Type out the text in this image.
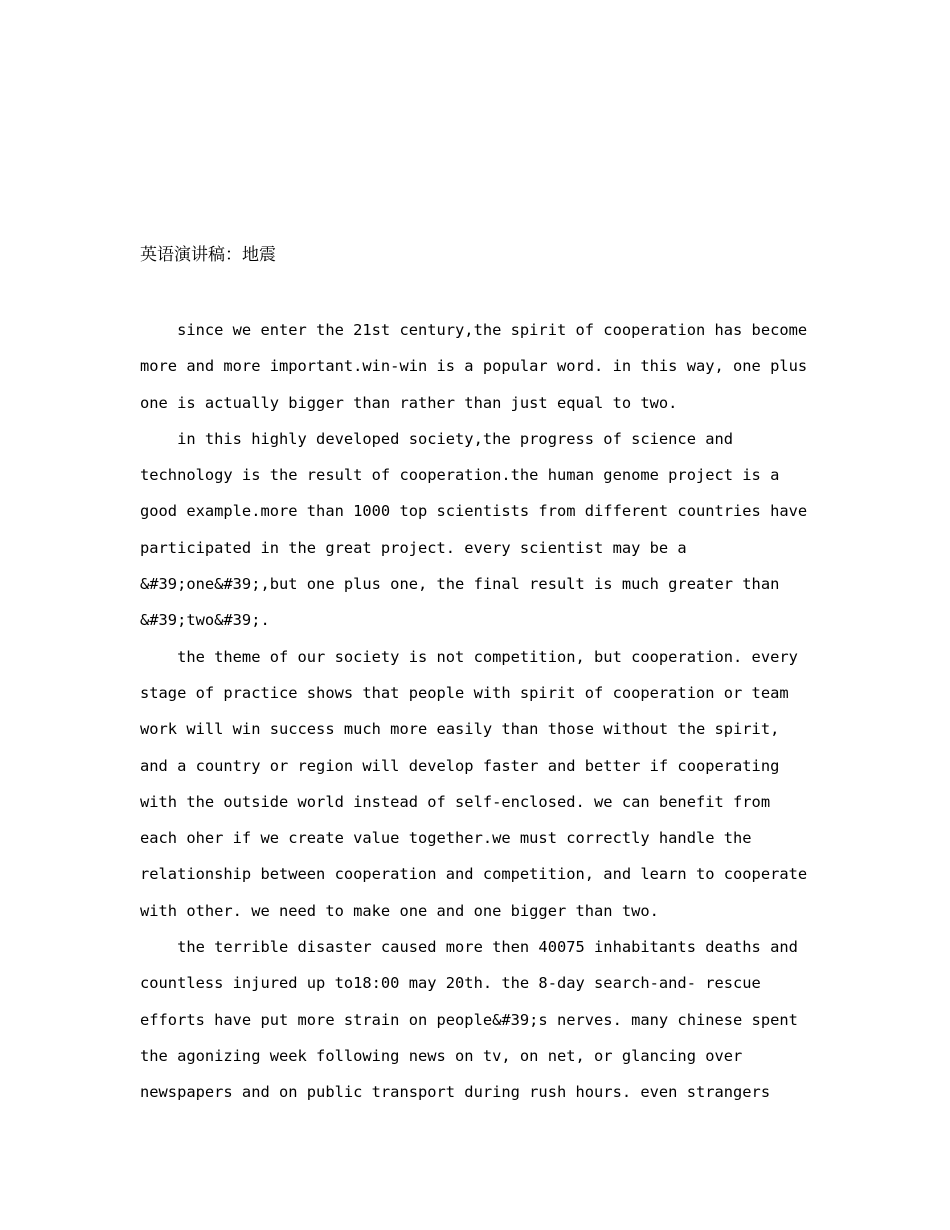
英语演讲稿：地震
since we enter the 21st century,the spirit of cooperation has become
more and more important.win-win is a popular word. in this way, one plus
one is actually bigger than rather than just equal to two.
in this highly developed society,the progress of science and
technology is the result of cooperation.the human genome project is a
good example.more than 1000 top scientists from different countries have
participated in the great project. every scientist may be a
&#39;one&#39;,but one plus one, the final result is much greater than
&#39;two&#39;.
the theme of our society is not competition, but cooperation. every
stage of practice shows that people with spirit of cooperation or team
work will win success much more easily than those without the spirit,
and a country or region will develop faster and better if cooperating
with the outside world instead of self-enclosed. we can benefit from
each oher if we create value together.we must correctly handle the
relationship between cooperation and competition, and learn to cooperate
with other. we need to make one and one bigger than two.
the terrible disaster caused more then 40075 inhabitants deaths and
countless injured up to18:00 may 20th. the 8-day search-and- rescue
efforts have put more strain on people&#39;s nerves. many chinese spent
the agonizing week following news on tv, on net, or glancing over
newspapers and on public transport during rush hours. even strangers
